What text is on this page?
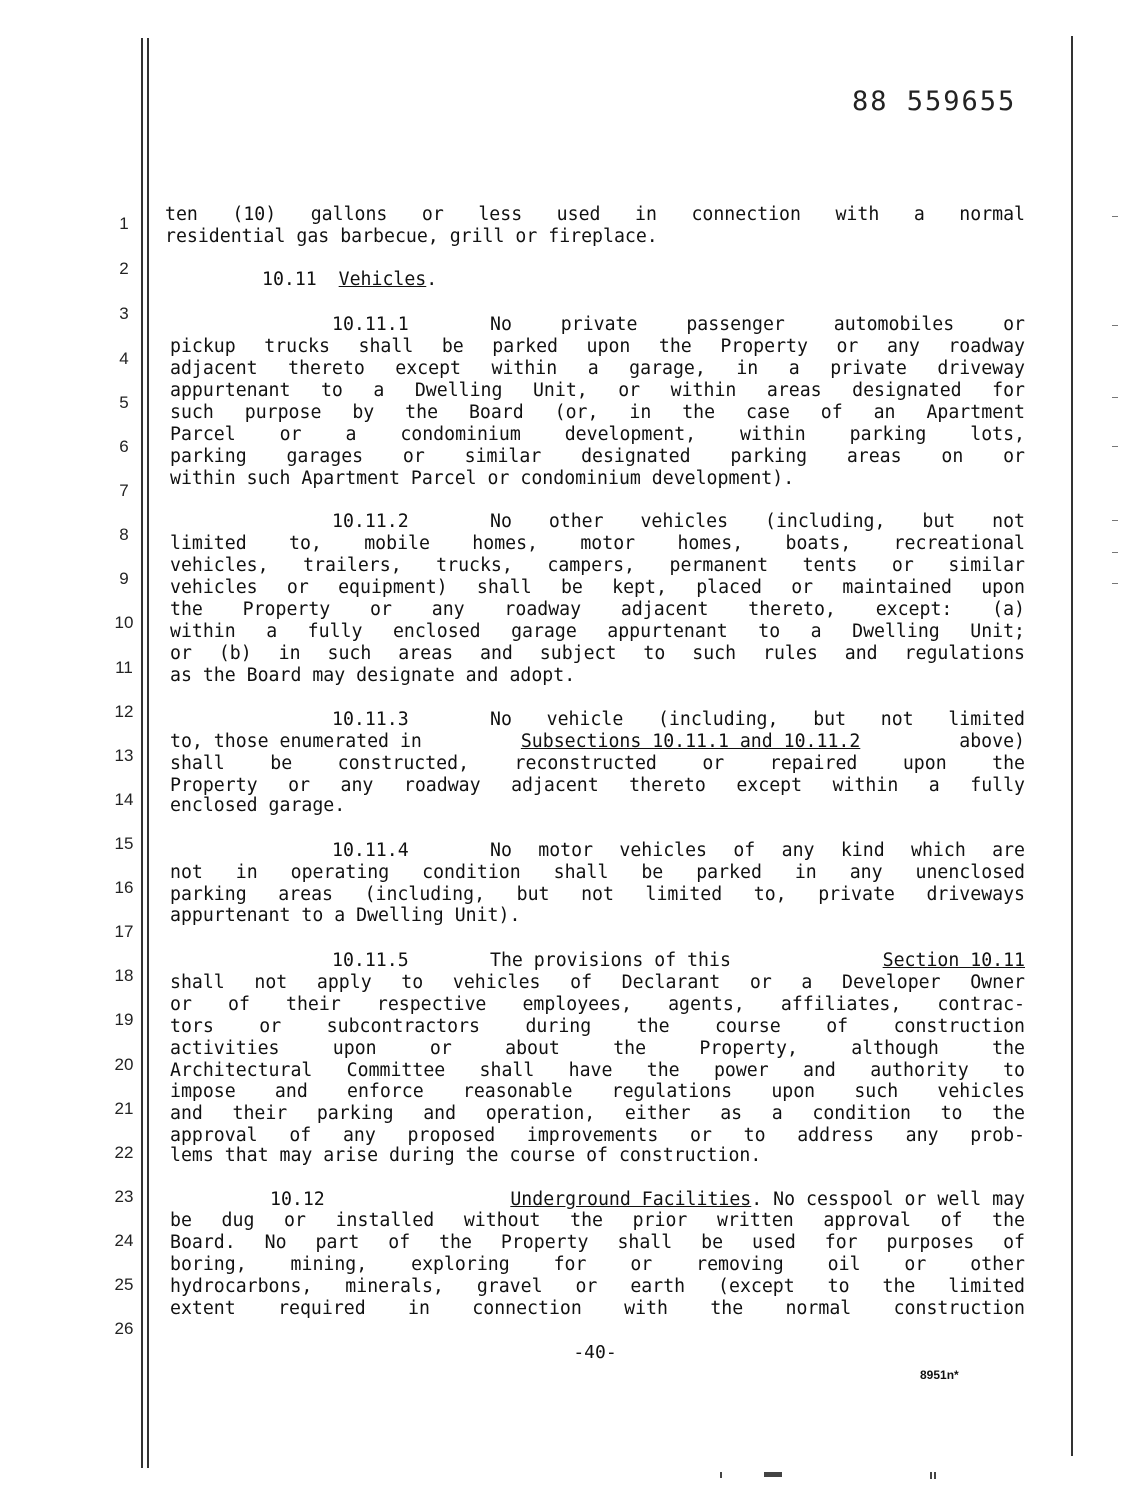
88 559655
1
2
3
4
5
6
7
8
9
10
11
12
13
14
15
16
17
18
19
20
21
22
23
24
25
26
ten (10) gallons or less used in connection with a normal
residential gas barbecue, grill or fireplace.
10.11 Vehicles.
10.11.1	No private passenger automobiles or
pickup trucks shall be parked upon the Property or any roadway
adjacent thereto except within a garage, in a private driveway
appurtenant to a Dwelling Unit, or within areas designated for
such purpose by the Board (or, in the case of an Apartment
Parcel or a condominium development, within parking lots,
parking garages or similar designated parking areas on or
within such Apartment Parcel or condominium development).
10.11.2	No other vehicles (including, but not
limited to, mobile homes, motor homes, boats, recreational
vehicles, trailers, trucks, campers, permanent tents or similar
vehicles or equipment) shall be kept, placed or maintained upon
the Property or any roadway adjacent thereto, except: (a)
within a fully enclosed garage appurtenant to a Dwelling Unit;
or (b) in such areas and subject to such rules and regulations
as the Board may designate and adopt.
10.11.3	No vehicle (including, but not limited
to, those enumerated in	Subsections 10.11.1 and 10.11.2	above)
shall be constructed, reconstructed or repaired upon the
Property or any roadway adjacent thereto except within a fully
enclosed garage.
10.11.4	No motor vehicles of any kind which are
not in operating condition shall be parked in any unenclosed
parking areas (including, but not limited to, private driveways
appurtenant to a Dwelling Unit).
10.11.5	The provisions of this	Section 10.11
shall not apply to vehicles of Declarant or a Developer Owner
or of their respective employees, agents, affiliates, contrac-
tors or subcontractors during the course of construction
activities upon or about the Property, although the
Architectural Committee shall have the power and authority to
impose and enforce reasonable regulations upon such vehicles
and their parking and operation, either as a condition to the
approval of any proposed improvements or to address any prob-
lems that may arise during the course of construction.
10.12	Underground Facilities. No cesspool or well may
be dug or installed without the prior written approval of the
Board. No part of the Property shall be used for purposes of
boring, mining, exploring for or removing oil or other
hydrocarbons, minerals, gravel or earth (except to the limited
extent required in connection with the normal construction
-40-
8951n*
